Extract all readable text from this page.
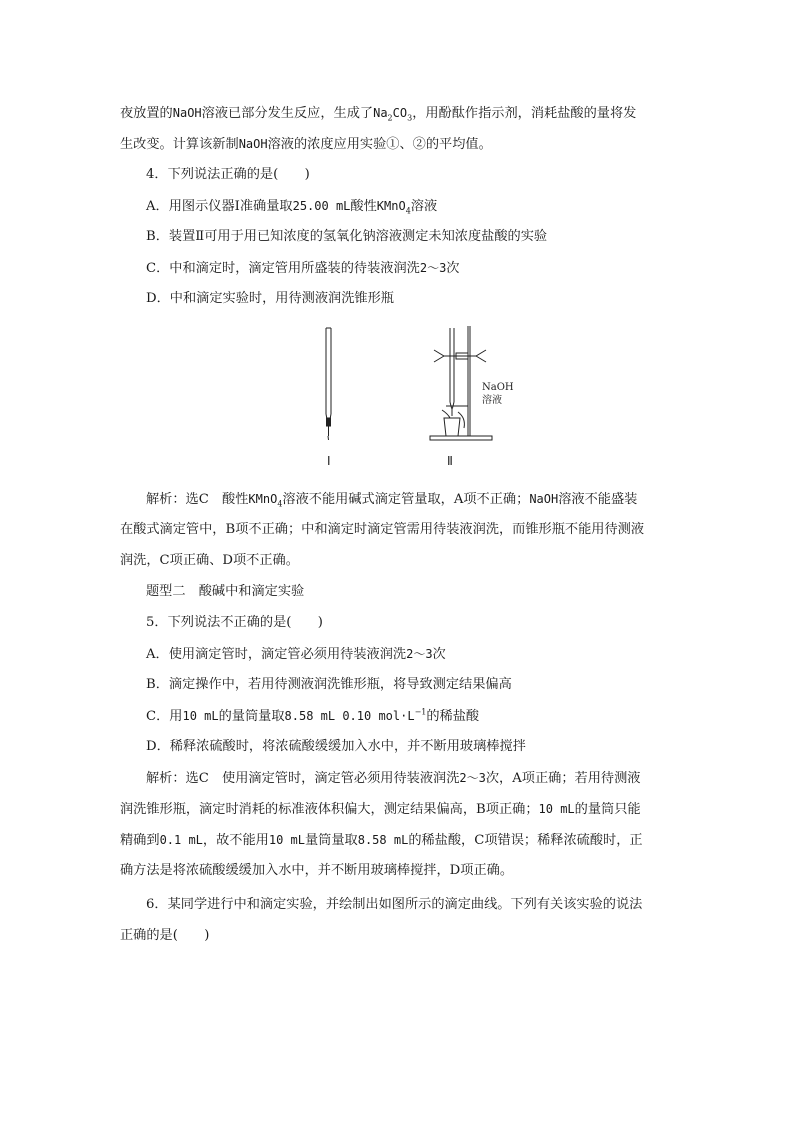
夜放置的NaOH溶液已部分发生反应，生成了$Na_2CO_3$，用酚酞作指示剂，消耗盐酸的量将发
生改变。计算该新制NaOH溶液的浓度应用实验①、②的平均值。
4．下列说法正确的是(　　)
A．用图示仪器Ⅰ准确量取25.00 mL酸性KMnO$_4$溶液
B．装置Ⅱ可用于用已知浓度的氢氧化钠溶液测定未知浓度盐酸的实验
C．中和滴定时，滴定管用所盛装的待装液润洗2～3次
D．中和滴定实验时，用待测液润洗锥形瓶
NaOH
溶液
Ⅰ	Ⅱ
解析：选C　酸性KMnO$_4$溶液不能用碱式滴定管量取，A项不正确；NaOH溶液不能盛装
在酸式滴定管中，B项不正确；中和滴定时滴定管需用待装液润洗，而锥形瓶不能用待测液
润洗，C项正确、D项不正确。
题型二　酸碱中和滴定实验
5．下列说法不正确的是(　　)
A．使用滴定管时，滴定管必须用待装液润洗2～3次
B．滴定操作中，若用待测液润洗锥形瓶，将导致测定结果偏高
C．用10 mL的量筒量取8.58 mL 0.10 $mol\cdot L^{-1}$的稀盐酸
D．稀释浓硫酸时，将浓硫酸缓缓加入水中，并不断用玻璃棒搅拌
解析：选C　使用滴定管时，滴定管必须用待装液润洗2～3次，A项正确；若用待测液
润洗锥形瓶，滴定时消耗的标准液体积偏大，测定结果偏高，B项正确；10 mL的量筒只能
精确到0.1 mL，故不能用10 mL量筒量取8.58 mL的稀盐酸，C项错误；稀释浓硫酸时，正
确方法是将浓硫酸缓缓加入水中，并不断用玻璃棒搅拌，D项正确。
6．某同学进行中和滴定实验，并绘制出如图所示的滴定曲线。下列有关该实验的说法
正确的是(　　)
